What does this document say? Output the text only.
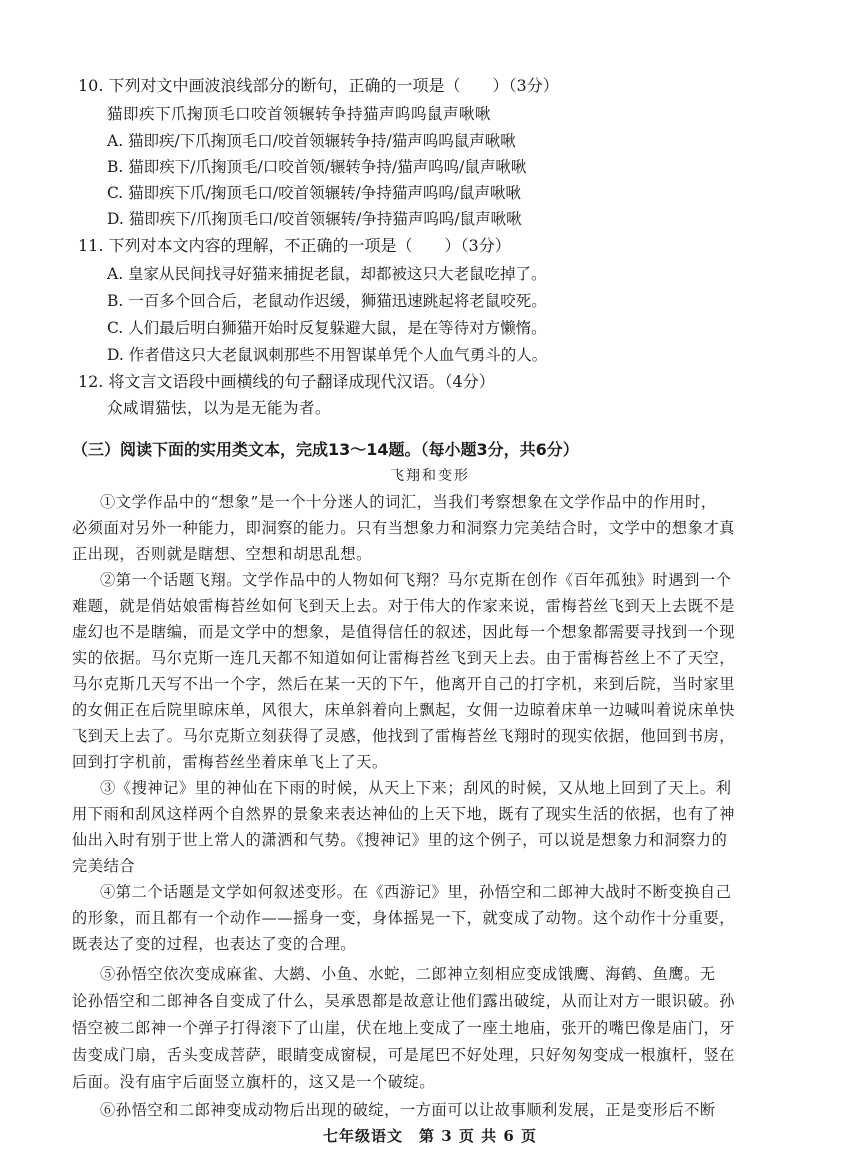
10. 下列对文中画波浪线部分的断句，正确的一项是（　　）（3分）
猫即疾下爪掬顶毛口咬首领辗转争持猫声呜呜鼠声啾啾
A. 猫即疾/下爪掬顶毛口/咬首领辗转争持/猫声呜呜鼠声啾啾
B. 猫即疾下/爪掬顶毛/口咬首领/辗转争持/猫声呜呜/鼠声啾啾
C. 猫即疾下爪/掬顶毛口/咬首领辗转/争持猫声呜呜/鼠声啾啾
D. 猫即疾下/爪掬顶毛口/咬首领辗转/争持猫声呜呜/鼠声啾啾
11. 下列对本文内容的理解，不正确的一项是（　　）（3分）
A. 皇家从民间找寻好猫来捕捉老鼠，却都被这只大老鼠吃掉了。
B. 一百多个回合后，老鼠动作迟缓，狮猫迅速跳起将老鼠咬死。
C. 人们最后明白狮猫开始时反复躲避大鼠，是在等待对方懒惰。
D. 作者借这只大老鼠讽刺那些不用智谋单凭个人血气勇斗的人。
12. 将文言文语段中画横线的句子翻译成现代汉语。（4分）
众咸谓猫怯，以为是无能为者。
（三）阅读下面的实用类文本，完成13～14题。（每小题3分，共6分）
飞翔和变形
①文学作品中的“想象”是一个十分迷人的词汇，当我们考察想象在文学作品中的作用时，
必须面对另外一种能力，即洞察的能力。只有当想象力和洞察力完美结合时，文学中的想象才真
正出现，否则就是瞎想、空想和胡思乱想。
②第一个话题飞翔。文学作品中的人物如何飞翔？马尔克斯在创作《百年孤独》时遇到一个
难题，就是俏姑娘雷梅苔丝如何飞到天上去。对于伟大的作家来说，雷梅苔丝飞到天上去既不是
虚幻也不是瞎编，而是文学中的想象，是值得信任的叙述，因此每一个想象都需要寻找到一个现
实的依据。马尔克斯一连几天都不知道如何让雷梅苔丝飞到天上去。由于雷梅苔丝上不了天空，
马尔克斯几天写不出一个字，然后在某一天的下午，他离开自己的打字机，来到后院，当时家里
的女佣正在后院里晾床单，风很大，床单斜着向上飘起，女佣一边晾着床单一边喊叫着说床单快
飞到天上去了。马尔克斯立刻获得了灵感，他找到了雷梅苔丝飞翔时的现实依据，他回到书房，
回到打字机前，雷梅苔丝坐着床单飞上了天。
③《搜神记》里的神仙在下雨的时候，从天上下来；刮风的时候，又从地上回到了天上。利
用下雨和刮风这样两个自然界的景象来表达神仙的上天下地，既有了现实生活的依据，也有了神
仙出入时有别于世上常人的潇洒和气势。《搜神记》里的这个例子，可以说是想象力和洞察力的
完美结合
④第二个话题是文学如何叙述变形。在《西游记》里，孙悟空和二郎神大战时不断变换自己
的形象，而且都有一个动作——摇身一变，身体摇晃一下，就变成了动物。这个动作十分重要，
既表达了变的过程，也表达了变的合理。
⑤孙悟空依次变成麻雀、大鹚、小鱼、水蛇，二郎神立刻相应变成饿鹰、海鹤、鱼鹰。无
论孙悟空和二郎神各自变成了什么，吴承恩都是故意让他们露出破绽，从而让对方一眼识破。孙
悟空被二郎神一个弹子打得滚下了山崖，伏在地上变成了一座土地庙，张开的嘴巴像是庙门，牙
齿变成门扇，舌头变成菩萨，眼睛变成窗棂，可是尾巴不好处理，只好匆匆变成一根旗杆，竖在
后面。没有庙宇后面竖立旗杆的，这又是一个破绽。
⑥孙悟空和二郎神变成动物后出现的破绽，一方面可以让故事顺利发展，正是变形后不断
七年级语文　第 3 页 共 6 页
